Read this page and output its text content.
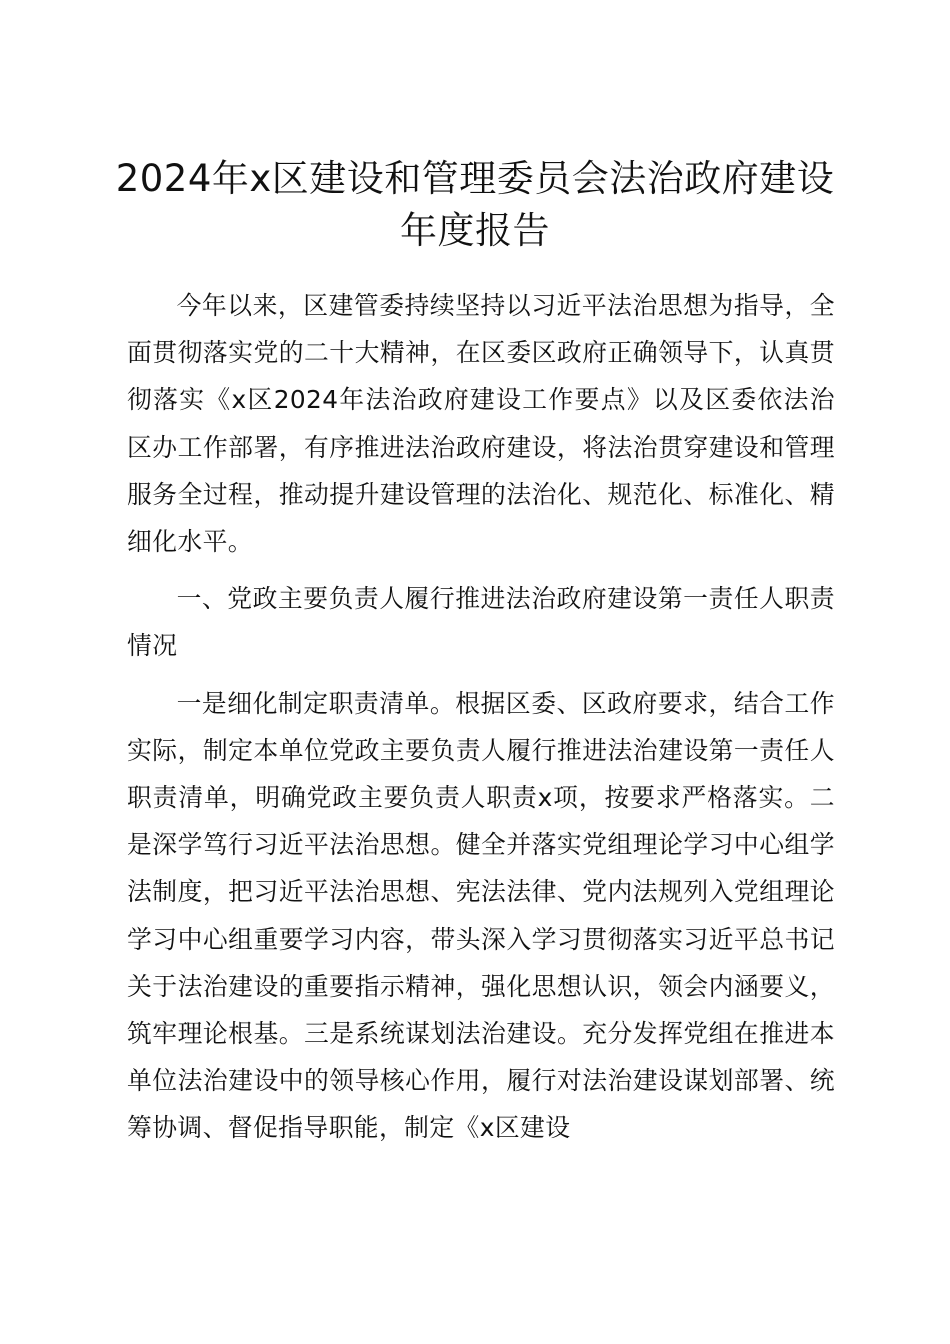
2024年x区建设和管理委员会法治政府建设年度报告

今年以来，区建管委持续坚持以习近平法治思想为指导，全面贯彻落实党的二十大精神，在区委区政府正确领导下，认真贯彻落实《x区2024年法治政府建设工作要点》以及区委依法治区办工作部署，有序推进法治政府建设，将法治贯穿建设和管理服务全过程，推动提升建设管理的法治化、规范化、标准化、精细化水平。

一、党政主要负责人履行推进法治政府建设第一责任人职责情况

一是细化制定职责清单。根据区委、区政府要求，结合工作实际，制定本单位党政主要负责人履行推进法治建设第一责任人职责清单，明确党政主要负责人职责x项，按要求严格落实。二是深学笃行习近平法治思想。健全并落实党组理论学习中心组学法制度，把习近平法治思想、宪法法律、党内法规列入党组理论学习中心组重要学习内容，带头深入学习贯彻落实习近平总书记关于法治建设的重要指示精神，强化思想认识，领会内涵要义，筑牢理论根基。三是系统谋划法治建设。充分发挥党组在推进本单位法治建设中的领导核心作用，履行对法治建设谋划部署、统筹协调、督促指导职能，制定《x区建设
